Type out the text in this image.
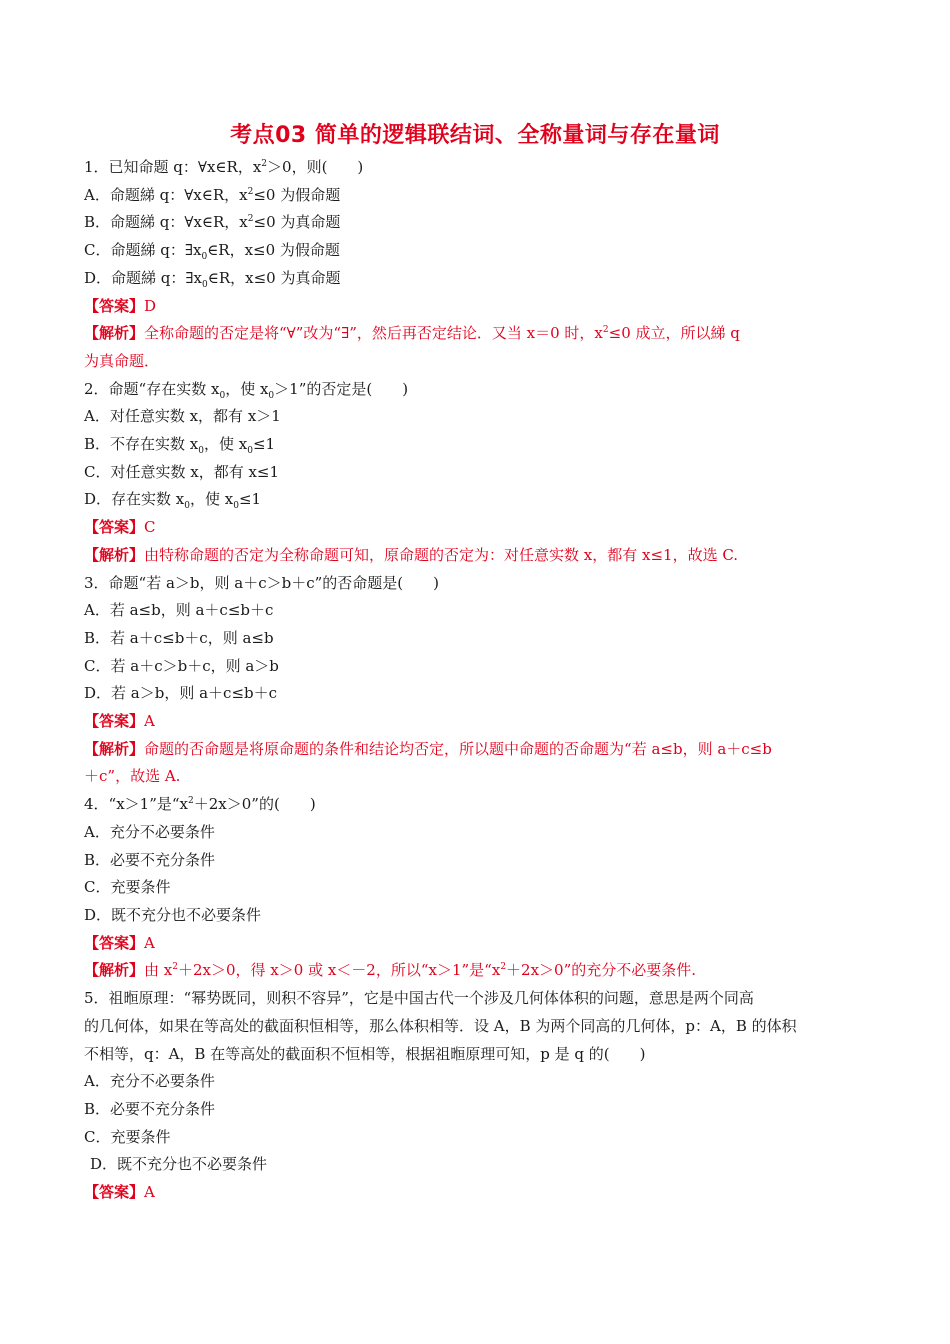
考点03 简单的逻辑联结词、全称量词与存在量词
1．已知命题 q：∀x∈R，$x^2>0$，则(　　)
A．命题綈 q：∀x∈R，$x^2\le 0$ 为假命题
B．命题綈 q：∀x∈R，$x^2\le 0$ 为真命题
C．命题綈 q：$\exists x_0\in R$，x≤0 为假命题
D．命题綈 q：$\exists x_0\in R$，x≤0 为真命题
【答案】D
【解析】全称命题的否定是将“∀”改为“∃”，然后再否定结论．又当 x＝0 时，$x^2\le 0$ 成立，所以綈 q
为真命题．
2．命题“存在实数 $x_0$，使 $x_0>1$”的否定是(　　)
A．对任意实数 x，都有 x＞1
B．不存在实数 $x_0$，使 $x_0\le 1$
C．对任意实数 x，都有 x≤1
D．存在实数 $x_0$，使 $x_0\le 1$
【答案】C
【解析】由特称命题的否定为全称命题可知，原命题的否定为：对任意实数 x，都有 x≤1，故选 C.
3．命题“若 a＞b，则 a＋c＞b＋c”的否命题是(　　)
A．若 a≤b，则 a＋c≤b＋c
B．若 a＋c≤b＋c，则 a≤b
C．若 a＋c＞b＋c，则 a＞b
D．若 a＞b，则 a＋c≤b＋c
【答案】A
【解析】命题的否命题是将原命题的条件和结论均否定，所以题中命题的否命题为“若 a≤b，则 a＋c≤b
＋c”，故选 A.
4．“x＞1”是“$x^2+2x>0$”的(　　)
A．充分不必要条件
B．必要不充分条件
C．充要条件
D．既不充分也不必要条件
【答案】A
【解析】由 $x^2+2x>0$，得 x＞0 或 x＜－2，所以“x＞1”是“$x^2+2x>0$”的充分不必要条件.
5．祖暅原理：“幂势既同，则积不容异”，它是中国古代一个涉及几何体体积的问题，意思是两个同高
的几何体，如果在等高处的截面积恒相等，那么体积相等．设 A，B 为两个同高的几何体，p：A，B 的体积
不相等，q：A，B 在等高处的截面积不恒相等，根据祖暅原理可知，p 是 q 的(　　)
A．充分不必要条件
B．必要不充分条件
C．充要条件
D．既不充分也不必要条件
【答案】A
